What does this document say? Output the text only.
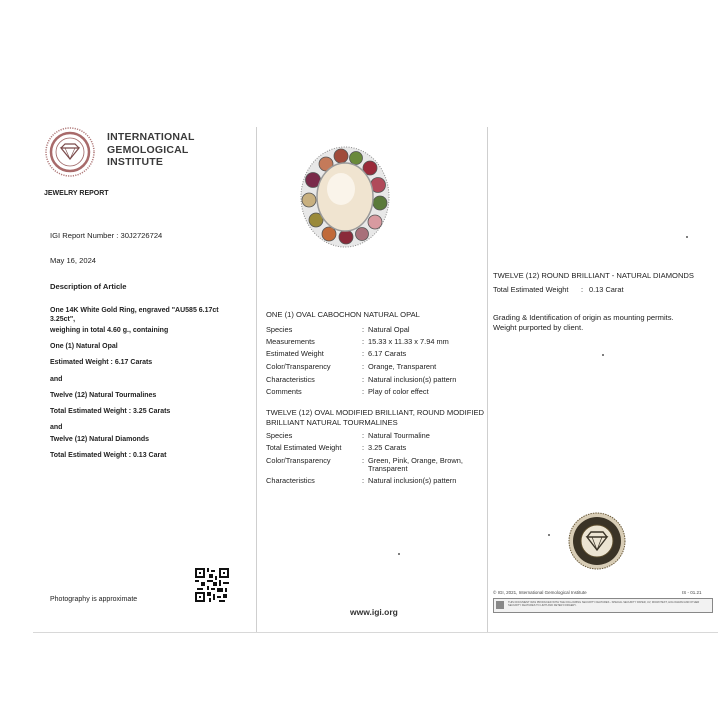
INTERNATIONAL
GEMOLOGICAL
INSTITUTE
JEWELRY REPORT
IGI Report Number : 30J2726724
May 16, 2024
Description of Article
One 14K White Gold Ring, engraved "AU585 6.17ct
3.25ct",
weighing in total 4.60 g., containing
One (1) Natural Opal
Estimated Weight : 6.17 Carats
and
Twelve (12) Natural Tourmalines
Total Estimated Weight : 3.25 Carats
and
Twelve (12) Natural Diamonds
Total Estimated Weight : 0.13 Carat
Photography is approximate
ONE (1) OVAL CABOCHON NATURAL OPAL
Species	: Natural Opal
Measurements	: 15.33 x 11.33 x 7.94 mm
Estimated Weight	: 6.17 Carats
Color/Transparency	: Orange, Transparent
Characteristics	: Natural inclusion(s) pattern
Comments	: Play of color effect
TWELVE (12) OVAL MODIFIED BRILLIANT, ROUND MODIFIED
BRILLIANT NATURAL TOURMALINES
Species	: Natural Tourmaline
Total Estimated Weight	: 3.25 Carats
Color/Transparency	: Green, Pink, Orange, Brown,
Transparent
Characteristics	: Natural inclusion(s) pattern
www.igi.org
TWELVE (12) ROUND BRILLIANT - NATURAL DIAMONDS
Total Estimated Weight : 0.13 Carat
Grading & Identification of origin as mounting permits.
Weight purported by client.
© IGI, 2021, International Gemological Institute	IS - 01.21
THIS DOCUMENT WAS PRODUCED WITH THE FOLLOWING SECURITY FEATURES - SPECIAL SECURITY PAPER, UV, MICROTEXT, HOLOGRAM AND OTHER SECURITY FEATURES TO LIMIT AND DETER FORGERY.
